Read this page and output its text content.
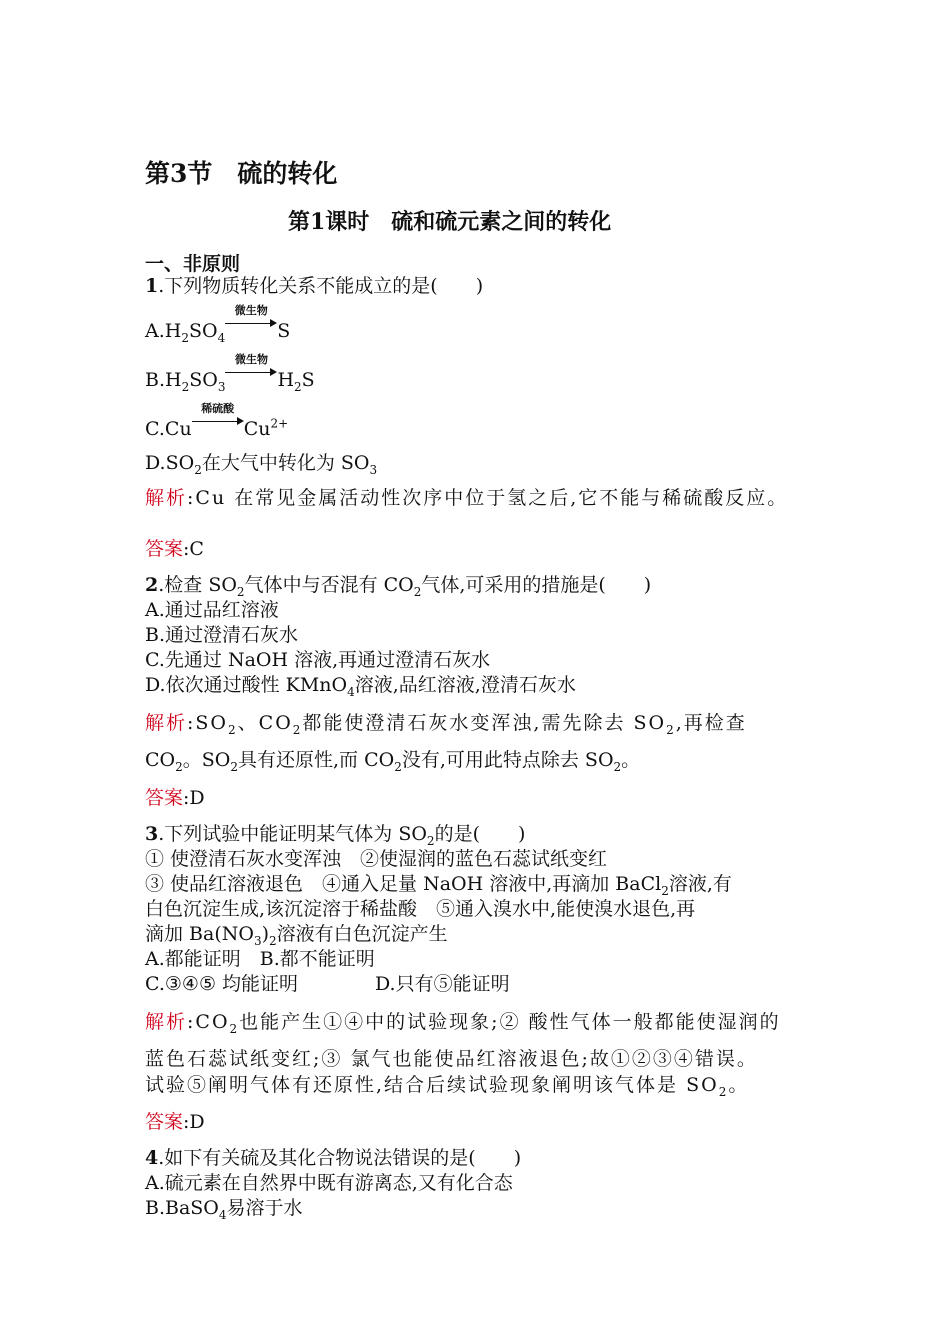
第3节　硫的转化
第1课时　硫和硫元素之间的转化
一、非原则
1.下列物质转化关系不能成立的是(　　)
$A.H_2SO_4$
微生物
S
$B.H_2SO_3$
微生物
$H_2S$
C.Cu
稀硫酸
$Cu^{2+}$
$D.SO_2$在大气中转化为 $SO_3$
解析:Cu 在常见金属活动性次序中位于氢之后,它不能与稀硫酸反应。
答案:C
2.检查 $SO_2$气体中与否混有 $CO_2$气体,可采用的措施是(　　)
A.通过品红溶液
B.通过澄清石灰水
C.先通过 NaOH 溶液,再通过澄清石灰水
D.依次通过酸性 KMnO$_4$溶液,品红溶液,澄清石灰水
解析$:SO_2$、$CO_2$都能使澄清石灰水变浑浊,需先除去 $SO_2$,再检查
$CO_2$。$SO_2$具有还原性,而 $CO_2$没有,可用此特点除去 $SO_2$。
答案:D
3.下列试验中能证明某气体为 $SO_2$的是(　　)
① 使澄清石灰水变浑浊　②使湿润的蓝色石蕊试纸变红
③ 使品红溶液退色　④通入足量 NaOH 溶液中,再滴加 BaCl$_2$溶液,有
白色沉淀生成,该沉淀溶于稀盐酸　⑤通入溴水中,能使溴水退色,再
滴加 $Ba(NO_3)_2$溶液有白色沉淀产生
A.都能证明　B.都不能证明
C.③④⑤ 均能证明	D.只有⑤能证明
解析$:CO_2$也能产生①④中的试验现象;② 酸性气体一般都能使湿润的
蓝色石蕊试纸变红;③ 氯气也能使品红溶液退色;故①②③④错误。
试验⑤阐明气体有还原性,结合后续试验现象阐明该气体是 $SO_2$。
答案:D
4.如下有关硫及其化合物说法错误的是(　　)
A.硫元素在自然界中既有游离态,又有化合态
B.BaSO$_4$易溶于水
